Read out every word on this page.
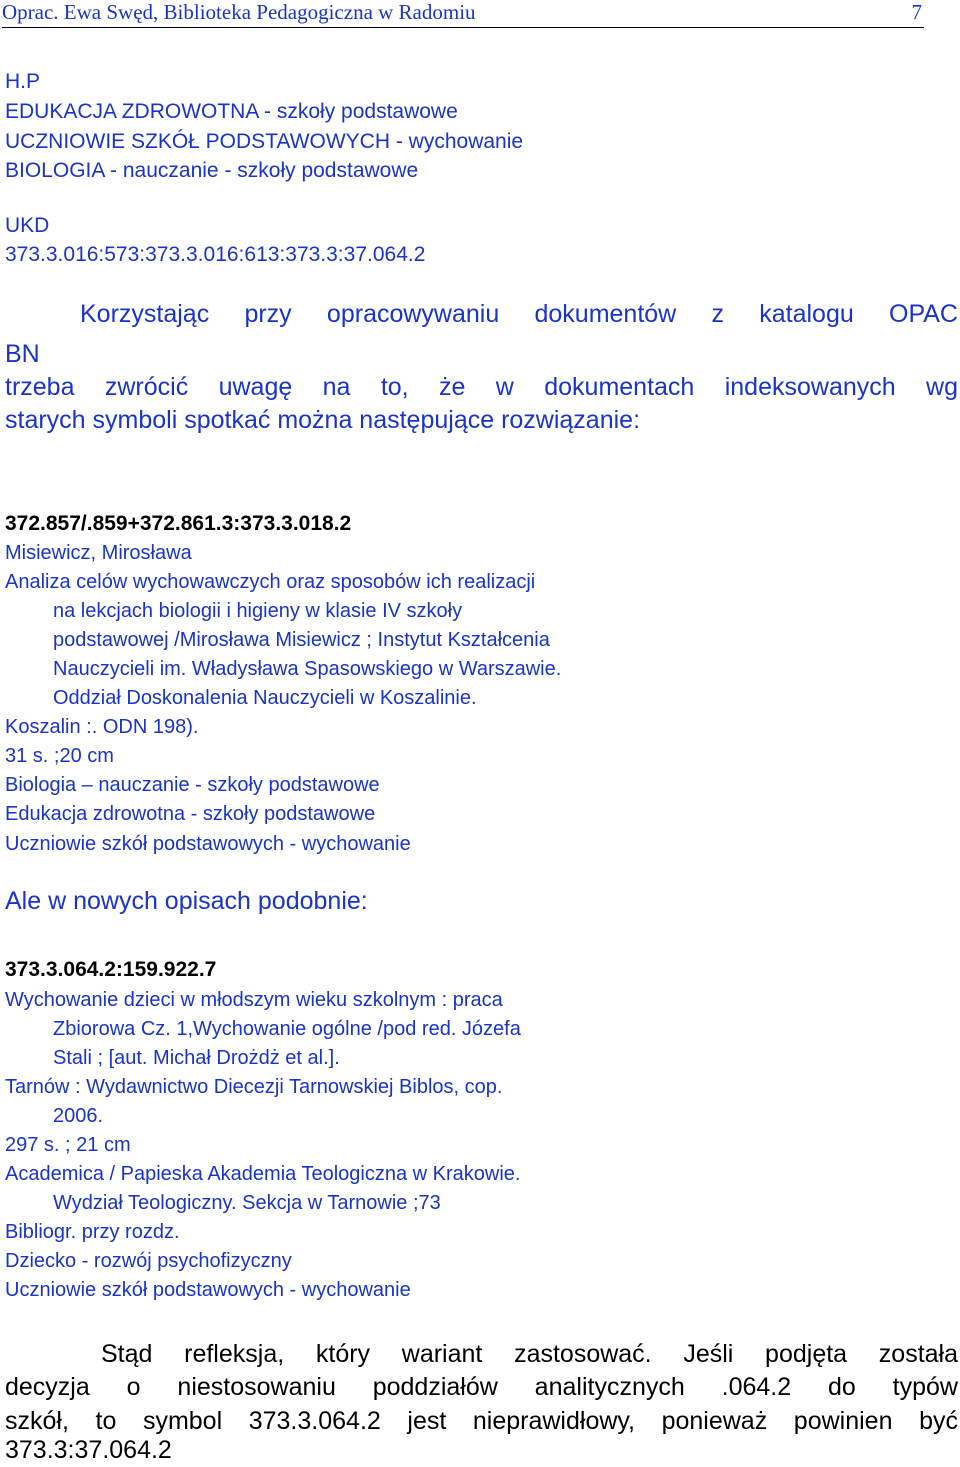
Oprac. Ewa Swęd, Biblioteka Pedagogiczna w Radomiu	7
H.P
EDUKACJA ZDROWOTNA - szkoły podstawowe
UCZNIOWIE SZKÓŁ PODSTAWOWYCH - wychowanie
BIOLOGIA - nauczanie - szkoły podstawowe
UKD
373.3.016:573:373.3.016:613:373.3:37.064.2
Korzystając przy opracowywaniu dokumentów z katalogu OPAC
BN
trzeba zwrócić uwagę na to, że w dokumentach indeksowanych wg
starych symboli spotkać można następujące rozwiązanie:
372.857/.859+372.861.3:373.3.018.2
Misiewicz, Mirosława
Analiza celów wychowawczych oraz sposobów ich realizacji
na lekcjach biologii i higieny w klasie IV szkoły
podstawowej /Mirosława Misiewicz ; Instytut Kształcenia
Nauczycieli im. Władysława Spasowskiego w Warszawie.
Oddział Doskonalenia Nauczycieli w Koszalinie.
Koszalin :. ODN 198).
31 s. ;20 cm
Biologia – nauczanie - szkoły podstawowe
Edukacja zdrowotna - szkoły podstawowe
Uczniowie szkół podstawowych - wychowanie
Ale w nowych opisach podobnie:
373.3.064.2:159.922.7
Wychowanie dzieci w młodszym wieku szkolnym : praca
Zbiorowa Cz. 1,Wychowanie ogólne /pod red. Józefa
Stali ; [aut. Michał Drożdż et al.].
Tarnów : Wydawnictwo Diecezji Tarnowskiej Biblos, cop.
2006.
297 s. ; 21 cm
Academica / Papieska Akademia Teologiczna w Krakowie.
Wydział Teologiczny. Sekcja w Tarnowie ;73
Bibliogr. przy rozdz.
Dziecko - rozwój psychofizyczny
Uczniowie szkół podstawowych - wychowanie
Stąd refleksja, który wariant zastosować. Jeśli podjęta została
decyzja o niestosowaniu poddziałów analitycznych .064.2 do typów
szkół, to symbol 373.3.064.2 jest nieprawidłowy, ponieważ powinien być
373.3:37.064.2
